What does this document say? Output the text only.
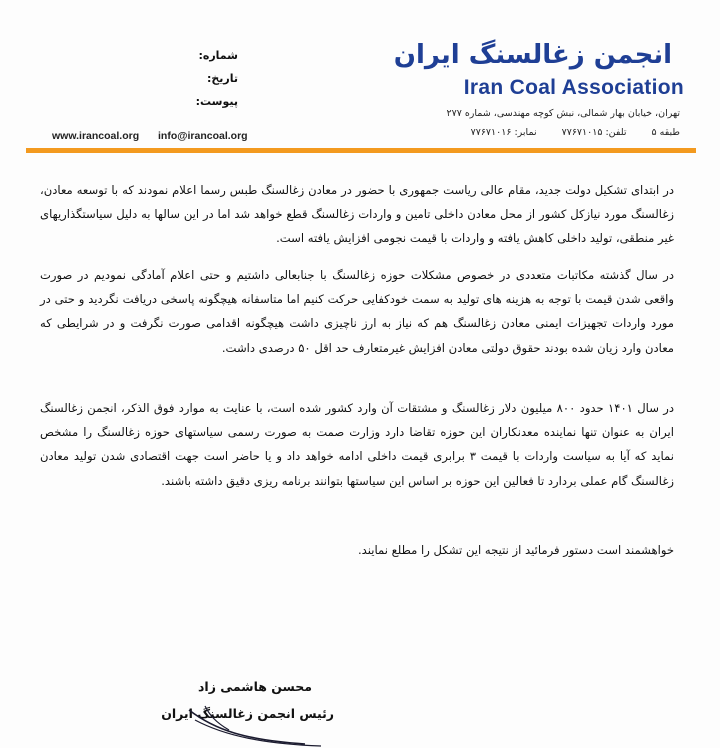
انجمن زغالسنگ ایران
Iran Coal Association
تهران، خیابان بهار شمالی، نبش کوچه مهندسی، شماره ۲۷۷
طبقه ۵ تلفن: ۷۷۶۷۱۰۱۵ نمابر: ۷۷۶۷۱۰۱۶
شماره:
تاریخ:
پیوست:
www.irancoal.org info@irancoal.org
در ابتدای تشکیل دولت جدید، مقام عالی ریاست جمهوری با حضور در معادن زغالسنگ طبس رسما اعلام نمودند که با توسعه معادن، زغالسنگ مورد نیازکل کشور از محل معادن داخلی تامین و واردات زغالسنگ قطع خواهد شد اما در این سالها به دلیل سیاستگذاریهای غیر منطقی، تولید داخلی کاهش یافته و واردات با قیمت نجومی افزایش یافته است.
در سال گذشته مکاتبات متعددی در خصوص مشکلات حوزه زغالسنگ با جنابعالی داشتیم و حتی اعلام آمادگی نمودیم در صورت واقعی شدن قیمت با توجه به هزینه های تولید به سمت خودکفایی حرکت کنیم اما متاسفانه هیچگونه پاسخی دریافت نگردید و حتی در مورد واردات تجهیزات ایمنی معادن زغالسنگ هم که نیاز به ارز ناچیزی داشت هیچگونه اقدامی صورت نگرفت و در شرایطی که معادن وارد زیان شده بودند حقوق دولتی معادن افزایش غیرمتعارف حد اقل ۵۰ درصدی داشت.
در سال ۱۴۰۱ حدود ۸۰۰ میلیون دلار زغالسنگ و مشتقات آن وارد کشور شده است، با عنایت به موارد فوق الذکر، انجمن زغالسنگ ایران به عنوان تنها نماینده معدنکاران این حوزه تقاضا دارد وزارت صمت به صورت رسمی سیاستهای حوزه زغالسنگ را مشخص نماید که آیا به سیاست واردات با قیمت ۳ برابری قیمت داخلی ادامه خواهد داد و یا حاضر است جهت اقتصادی شدن تولید معادن زغالسنگ گام عملی بردارد تا فعالین این حوزه بر اساس این سیاستها بتوانند برنامه ریزی دقیق داشته باشند.
خواهشمند است دستور فرمائید از نتیجه این تشکل را مطلع نمایند.
محسن هاشمی زاد
رئیس انجمن زغالسنگ ایران
